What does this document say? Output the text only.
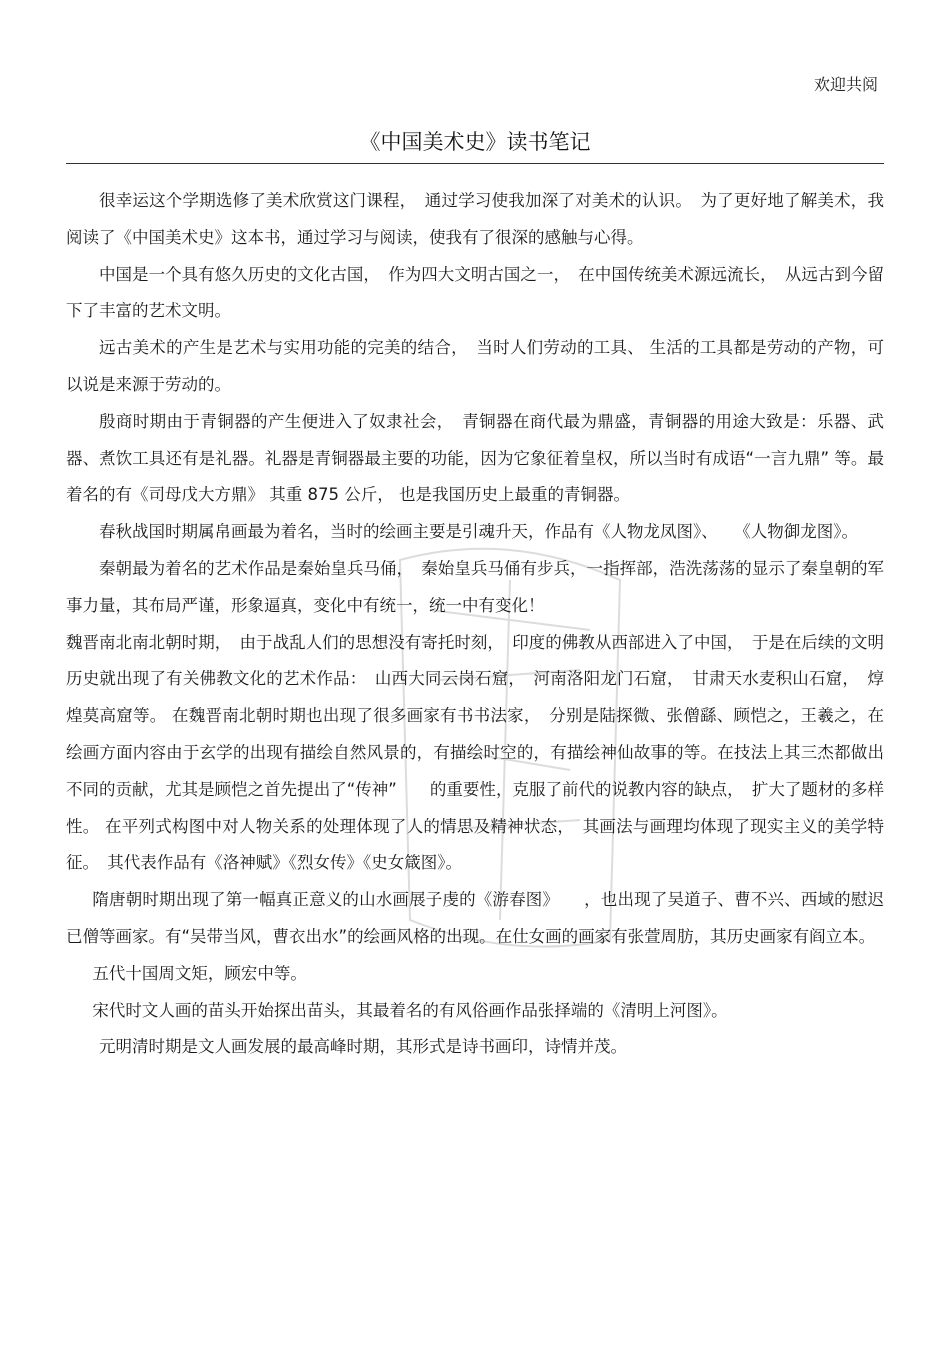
欢迎共阅
《中国美术史》读书笔记

很幸运这个学期选修了美术欣赏这门课程，　通过学习使我加深了对美术的认识。　为了更好地了解美术，我阅读了《中国美术史》这本书，通过学习与阅读，使我有了很深的感触与心得。

中国是一个具有悠久历史的文化古国，　作为四大文明古国之一，　在中国传统美术源远流长，　从远古到今留下了丰富的艺术文明。

远古美术的产生是艺术与实用功能的完美的结合，　当时人们劳动的工具、 生活的工具都是劳动的产物，可以说是来源于劳动的。

殷商时期由于青铜器的产生便进入了奴隶社会，　青铜器在商代最为鼎盛，青铜器的用途大致是：乐器、武器、煮饮工具还有是礼器。礼器是青铜器最主要的功能，因为它象征着皇权，所以当时有成语“一言九鼎” 等。最着名的有《司母戊大方鼎》 其重 875 公斤， 也是我国历史上最重的青铜器。

春秋战国时期属帛画最为着名，当时的绘画主要是引魂升天，作品有《人物龙凤图》、　　《人物御龙图》。

秦朝最为着名的艺术作品是秦始皇兵马俑，　秦始皇兵马俑有步兵，一指挥部，浩洗荡荡的显示了秦皇朝的军事力量，其布局严谨，形象逼真，变化中有统一，统一中有变化！

魏晋南北南北朝时期，　由于战乱人们的思想没有寄托时刻，　印度的佛教从西部进入了中国，　于是在后续的文明历史就出现了有关佛教文化的艺术作品：　山西大同云岗石窟，　河南洛阳龙门石窟，　甘肃天水麦积山石窟，　焞煌莫高窟等。 在魏晋南北朝时期也出现了很多画家有书书法家，　分别是陆探微、张僧繇、顾恺之，王羲之，在绘画方面内容由于玄学的出现有描绘自然风景的，有描绘时空的，有描绘神仙故事的等。在技法上其三杰都做出不同的贡献，尤其是顾恺之首先提出了“传神”　　的重要性，克服了前代的说教内容的缺点，　扩大了题材的多样性。 在平列式构图中对人物关系的处理体现了人的情思及精神状态，　其画法与画理均体现了现实主义的美学特征。　其代表作品有《洛神赋》《烈女传》《史女箴图》。

隋唐朝时期出现了第一幅真正意义的山水画展子虔的《游春图》　　，也出现了吴道子、曹不兴、西域的慰迟已僧等画家。有“吴带当风，曹衣出水”的绘画风格的出现。在仕女画的画家有张萱周肪，其历史画家有阎立本。

五代十国周文矩，顾宏中等。

宋代时文人画的苗头开始探出苗头，其最着名的有风俗画作品张择端的《清明上河图》。

元明清时期是文人画发展的最高峰时期，其形式是诗书画印，诗情并茂。
